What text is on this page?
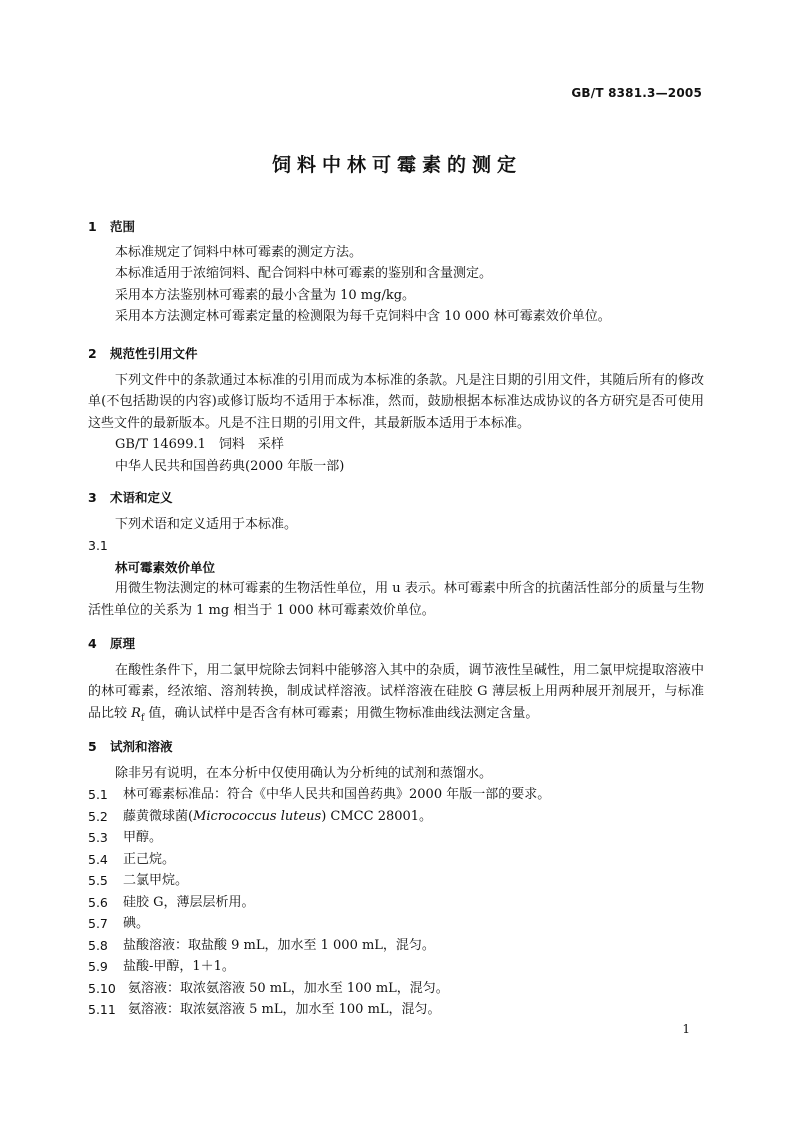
GB/T 8381.3—2005
饲料中林可霉素的测定
1 范围
本标准规定了饲料中林可霉素的测定方法。
本标准适用于浓缩饲料、配合饲料中林可霉素的鉴别和含量测定。
采用本方法鉴别林可霉素的最小含量为 10 mg/kg。
采用本方法测定林可霉素定量的检测限为每千克饲料中含 10 000 林可霉素效价单位。
2 规范性引用文件
下列文件中的条款通过本标准的引用而成为本标准的条款。凡是注日期的引用文件，其随后所有的修改单(不包括勘误的内容)或修订版均不适用于本标准，然而，鼓励根据本标准达成协议的各方研究是否可使用这些文件的最新版本。凡是不注日期的引用文件，其最新版本适用于本标准。
GB/T 14699.1　饲料　采样
中华人民共和国兽药典(2000 年版一部)
3 术语和定义
下列术语和定义适用于本标准。
3.1
林可霉素效价单位
用微生物法测定的林可霉素的生物活性单位，用 u 表示。林可霉素中所含的抗菌活性部分的质量与生物活性单位的关系为 1 mg 相当于 1 000 林可霉素效价单位。
4 原理
在酸性条件下，用二氯甲烷除去饲料中能够溶入其中的杂质，调节液性呈碱性，用二氯甲烷提取溶液中的林可霉素，经浓缩、溶剂转换，制成试样溶液。试样溶液在硅胶 G 薄层板上用两种展开剂展开，与标准品比较 $R_f$ 值，确认试样中是否含有林可霉素；用微生物标准曲线法测定含量。
5 试剂和溶液
除非另有说明，在本分析中仅使用确认为分析纯的试剂和蒸馏水。
5.1	林可霉素标准品：符合《中华人民共和国兽药典》2000 年版一部的要求。
5.2	藤黄微球菌(Micrococcus luteus) CMCC 28001。
5.3	甲醇。
5.4	正己烷。
5.5	二氯甲烷。
5.6	硅胶 G，薄层层析用。
5.7	碘。
5.8	盐酸溶液：取盐酸 9 mL，加水至 1 000 mL，混匀。
5.9	盐酸-甲醇，1＋1。
5.10 氨溶液：取浓氨溶液 50 mL，加水至 100 mL，混匀。
5.11 氨溶液：取浓氨溶液 5 mL，加水至 100 mL，混匀。
1
